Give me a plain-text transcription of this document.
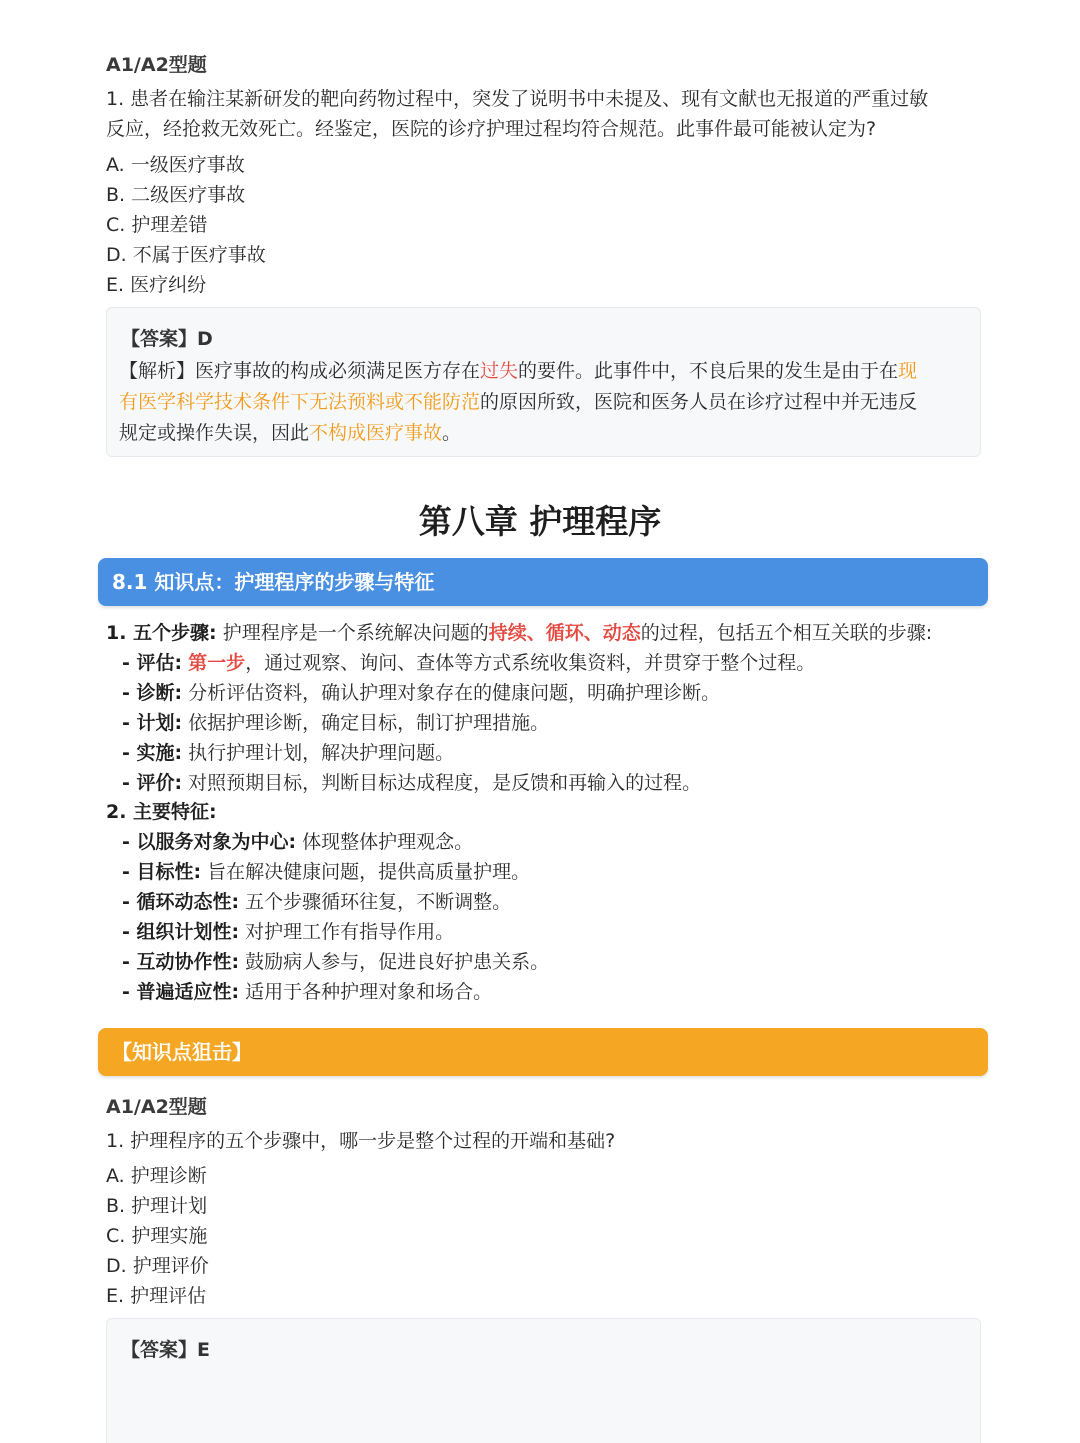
A1/A2型题
1. 患者在输注某新研发的靶向药物过程中，突发了说明书中未提及、现有文献也无报道的严重过敏
反应，经抢救无效死亡。经鉴定，医院的诊疗护理过程均符合规范。此事件最可能被认定为?
A. 一级医疗事故
B. 二级医疗事故
C. 护理差错
D. 不属于医疗事故
E. 医疗纠纷
【答案】D
【解析】医疗事故的构成必须满足医方存在过失的要件。此事件中，不良后果的发生是由于在现
有医学科学技术条件下无法预料或不能防范的原因所致，医院和医务人员在诊疗过程中并无违反
规定或操作失误，因此不构成医疗事故。
第八章 护理程序
8.1 知识点：护理程序的步骤与特征
1. 五个步骤: 护理程序是一个系统解决问题的持续、循环、动态的过程，包括五个相互关联的步骤:
- 评估: 第一步，通过观察、询问、查体等方式系统收集资料，并贯穿于整个过程。
- 诊断: 分析评估资料，确认护理对象存在的健康问题，明确护理诊断。
- 计划: 依据护理诊断，确定目标，制订护理措施。
- 实施: 执行护理计划，解决护理问题。
- 评价: 对照预期目标，判断目标达成程度，是反馈和再输入的过程。
2. 主要特征:
- 以服务对象为中心: 体现整体护理观念。
- 目标性: 旨在解决健康问题，提供高质量护理。
- 循环动态性: 五个步骤循环往复，不断调整。
- 组织计划性: 对护理工作有指导作用。
- 互动协作性: 鼓励病人参与，促进良好护患关系。
- 普遍适应性: 适用于各种护理对象和场合。
【知识点狙击】
A1/A2型题
1. 护理程序的五个步骤中，哪一步是整个过程的开端和基础?
A. 护理诊断
B. 护理计划
C. 护理实施
D. 护理评价
E. 护理评估
【答案】E
